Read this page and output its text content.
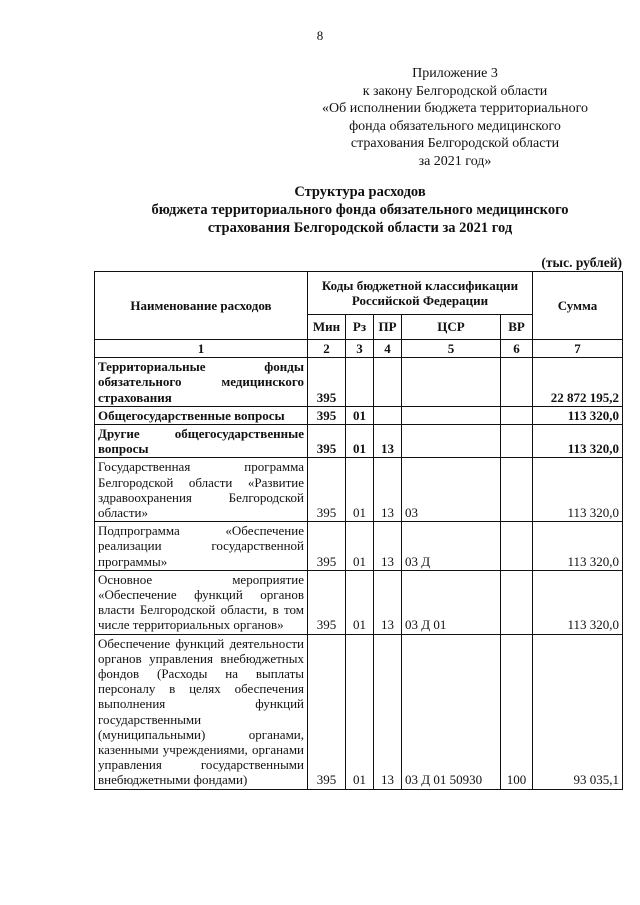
8
Приложение 3
к закону Белгородской области
«Об исполнении бюджета территориального
фонда обязательного медицинского
страхования Белгородской области
за 2021 год»
Структура расходов
бюджета территориального фонда обязательного медицинского
страхования Белгородской области за 2021 год
(тыс. рублей)
Наименование расходов	Коды бюджетной классификации Российской Федерации					Сумма
	Мин	Рз	ПР	ЦСР	ВР	
1	2	3	4	5	6	7
Территориальные фонды обязательного медицинского страхования	395					22 872 195,2
Общегосударственные вопросы	395	01				113 320,0
Другие общегосударственные вопросы	395	01	13			113 320,0
Государственная программа Белгородской области «Развитие здравоохранения Белгородской области»	395	01	13	03		113 320,0
Подпрограмма «Обеспечение реализации государственной программы»	395	01	13	03 Д		113 320,0
Основное мероприятие «Обеспечение функций органов власти Белгородской области, в том числе территориальных органов»	395	01	13	03 Д 01		113 320,0
Обеспечение функций деятельности органов управления внебюджетных фондов (Расходы на выплаты персоналу в целях обеспечения выполнения функций государственными (муниципальными) органами, казенными учреждениями, органами управления государственными внебюджетными фондами)	395	01	13	03 Д 01 50930	100	93 035,1
